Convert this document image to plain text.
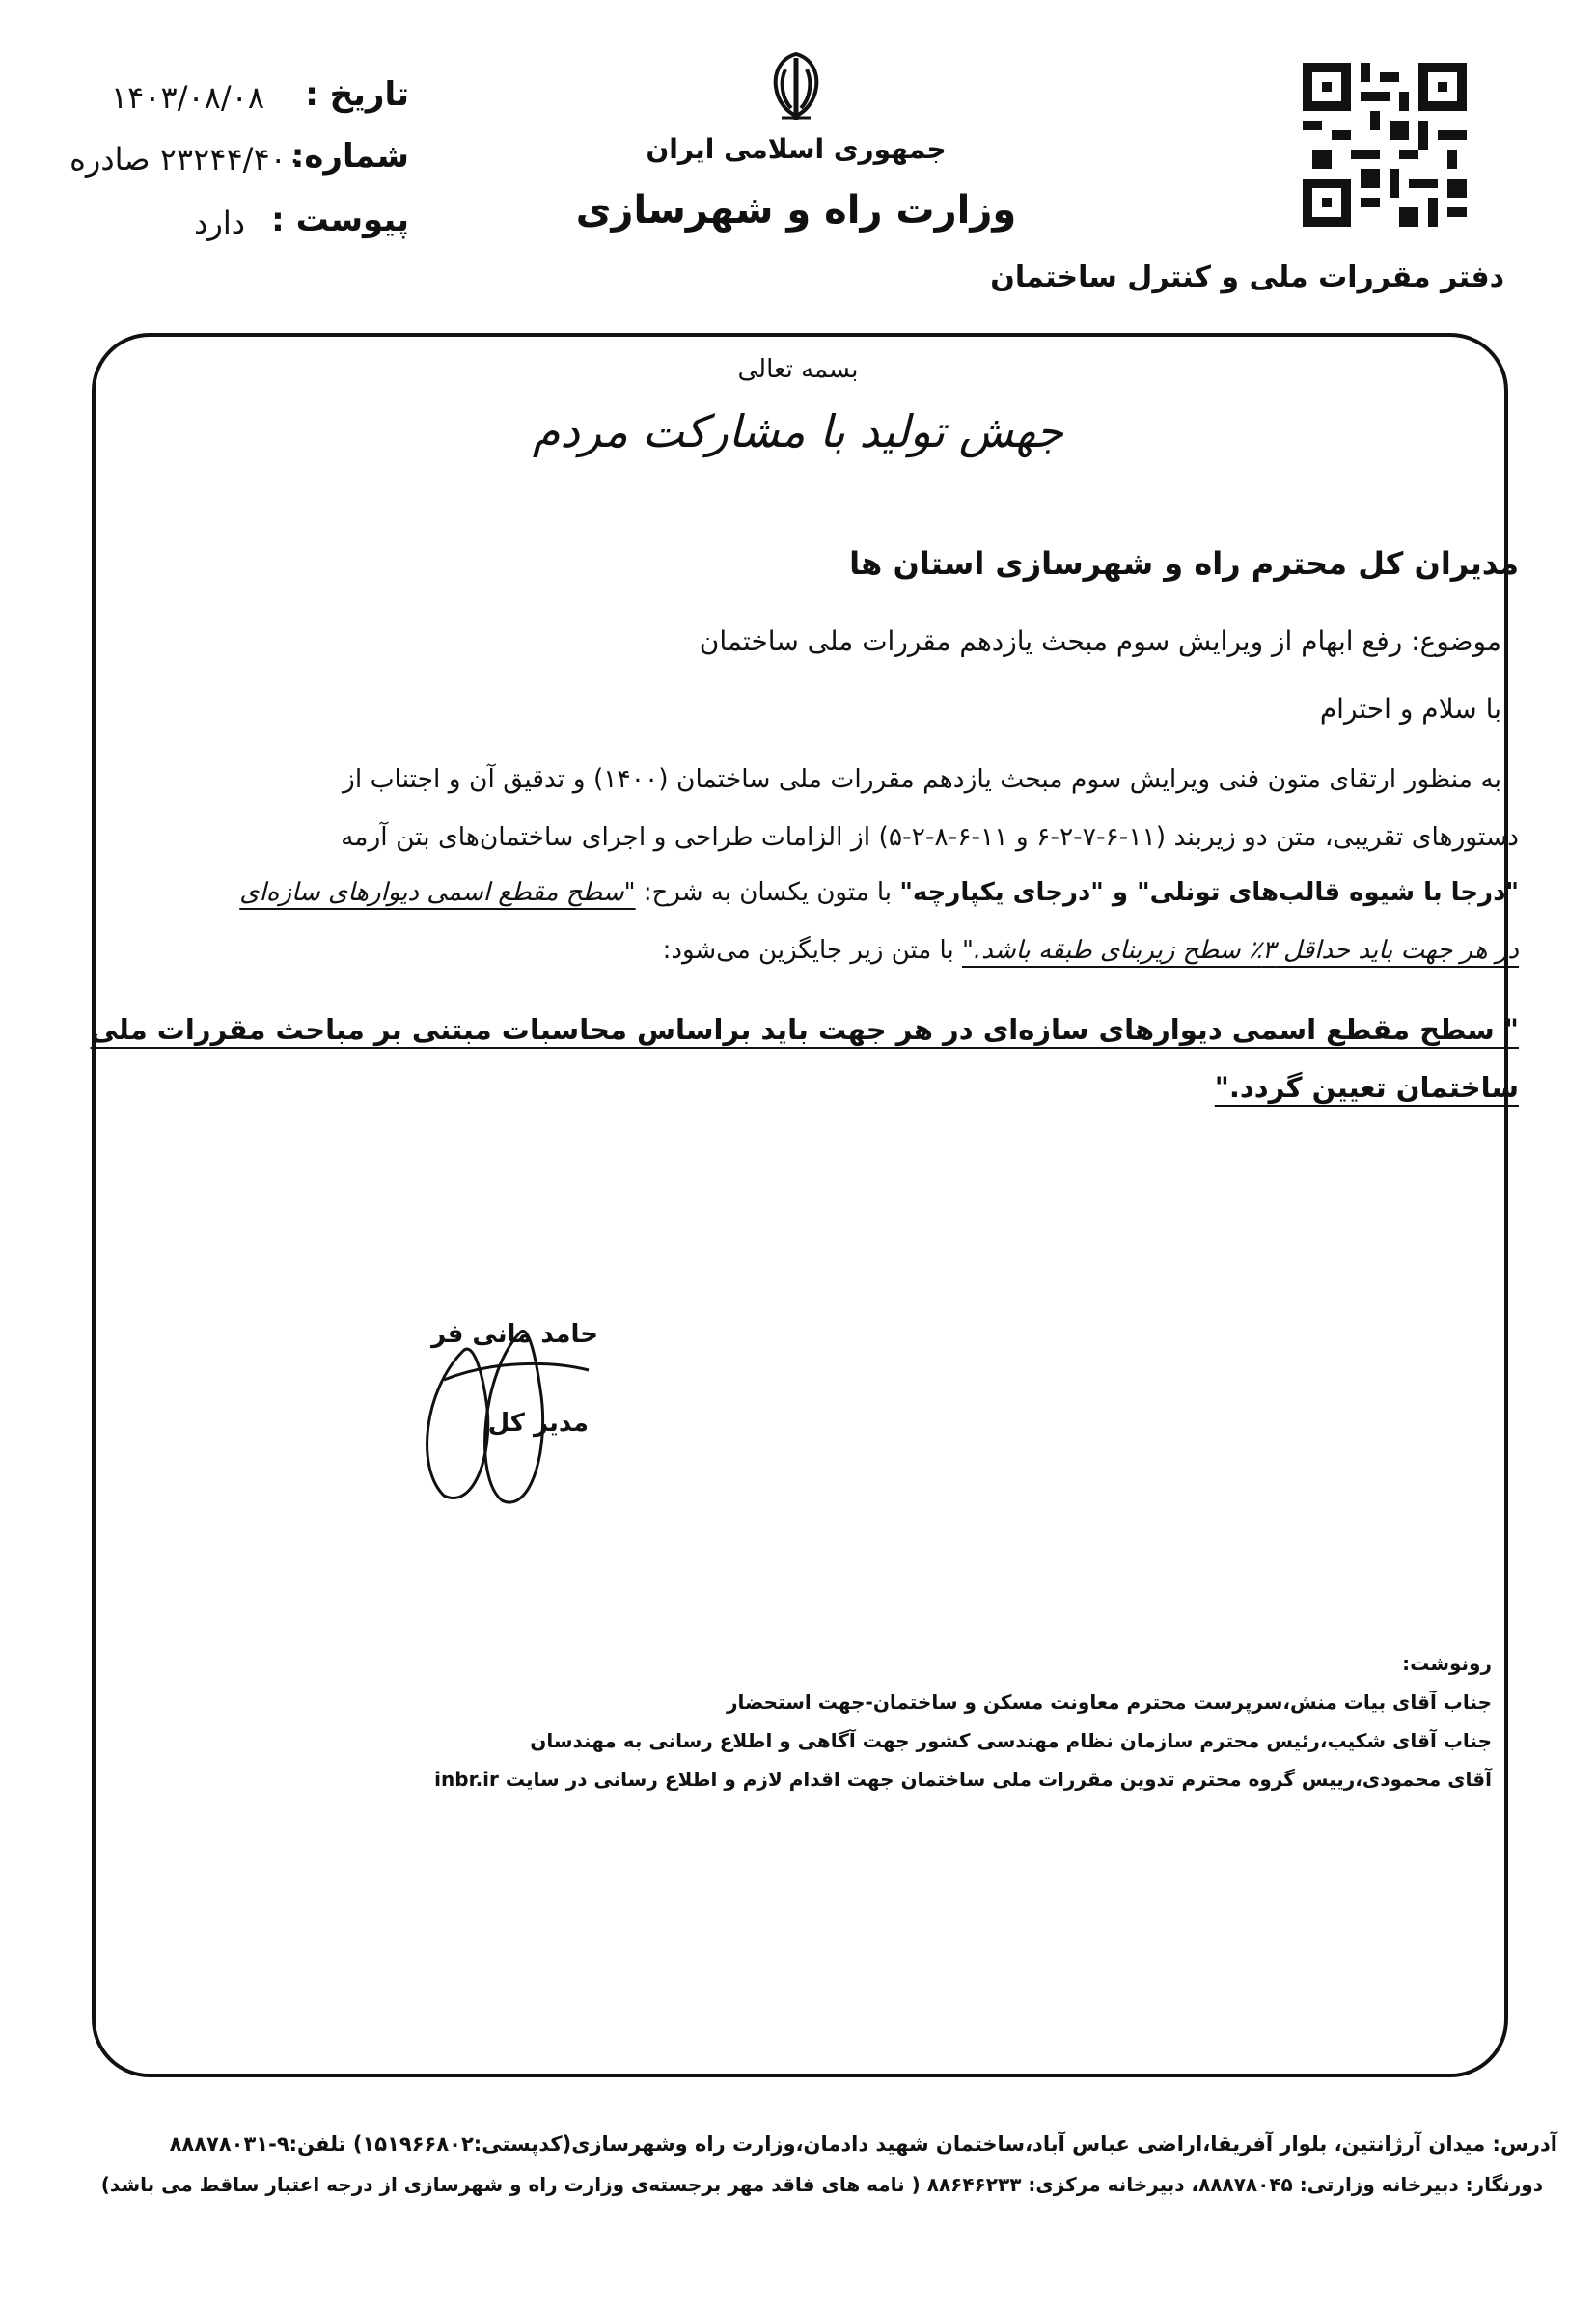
تاریخ :
۱۴۰۳/۰۸/۰۸
شماره:
۲۳۲۴۴/۴۰۰ صادره
پیوست :
دارد
جمهوری اسلامی ایران
وزارت راه و شهرسازی
دفتر مقررات ملی و کنترل ساختمان
بسمه تعالی
جهش تولید با مشارکت مردم
مدیران کل محترم راه و شهرسازی استان ها
موضوع: رفع ابهام از ویرایش سوم مبحث یازدهم مقررات ملی ساختمان
با سلام و احترام
به منظور ارتقای متون فنی ویرایش سوم مبحث یازدهم مقررات ملی ساختمان (۱۴۰۰) و تدقیق آن و اجتناب از
دستورهای تقریبی، متن دو زیربند (۱۱-۶-۷-۲-۶ و ۱۱-۶-۸-۲-۵) از الزامات طراحی و اجرای ساختمان‌های بتن آرمه
"درجا با شیوه قالب‌های تونلی" و "درجای یکپارچه" با متون یکسان به شرح: "سطح مقطع اسمی دیوارهای سازه‌ای
در هر جهت باید حداقل ۳٪ سطح زیربنای طبقه باشد." با متن زیر جایگزین می‌شود:
" سطح مقطع اسمی دیوارهای سازه‌ای در هر جهت باید براساس محاسبات مبتنی بر مباحث مقررات ملی
ساختمان تعیین گردد."
حامد مانی فر
مدیر کل
رونوشت:
جناب آقای بیات منش،سرپرست محترم معاونت مسکن و ساختمان-جهت استحضار
جناب آقای شکیب،رئیس محترم سازمان نظام مهندسی کشور جهت آگاهی و اطلاع رسانی به مهندسان
آقای محمودی،رییس گروه محترم تدوین مقررات ملی ساختمان جهت اقدام لازم و اطلاع رسانی در سایت inbr.ir
آدرس: میدان آرژانتین، بلوار آفریقا،اراضی عباس آباد،ساختمان شهید دادمان،وزارت راه وشهرسازی(کدپستی:۱۵۱۹۶۶۸۰۲) تلفن:۹-۸۸۸۷۸۰۳۱
دورنگار: دبیرخانه وزارتی: ۸۸۸۷۸۰۴۵، دبیرخانه مرکزی: ۸۸۶۴۶۲۳۳ ( نامه های فاقد مهر برجسته‌ی وزارت راه و شهرسازی از درجه اعتبار ساقط می باشد)
